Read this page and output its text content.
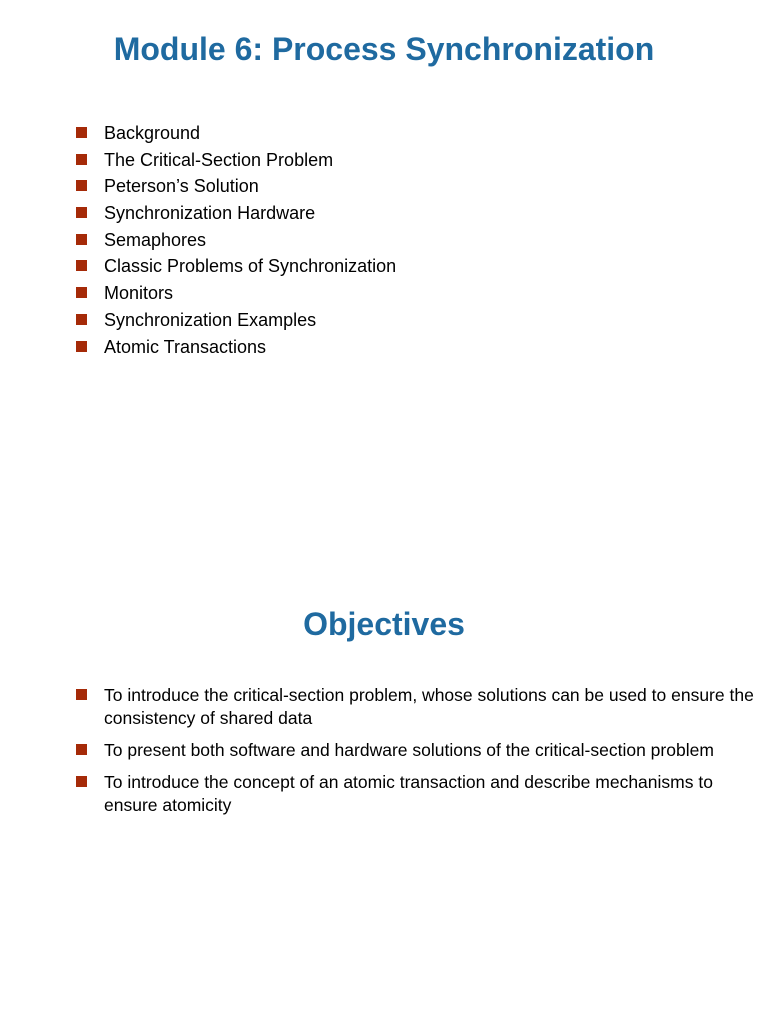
Module 6: Process Synchronization
Background
The Critical-Section Problem
Peterson’s Solution
Synchronization Hardware
Semaphores
Classic Problems of Synchronization
Monitors
Synchronization Examples
Atomic Transactions
Objectives
To introduce the critical-section problem, whose solutions can be used to ensure the consistency of shared data
To present both software and hardware solutions of the critical-section problem
To introduce the concept of an atomic transaction and describe mechanisms to ensure atomicity
